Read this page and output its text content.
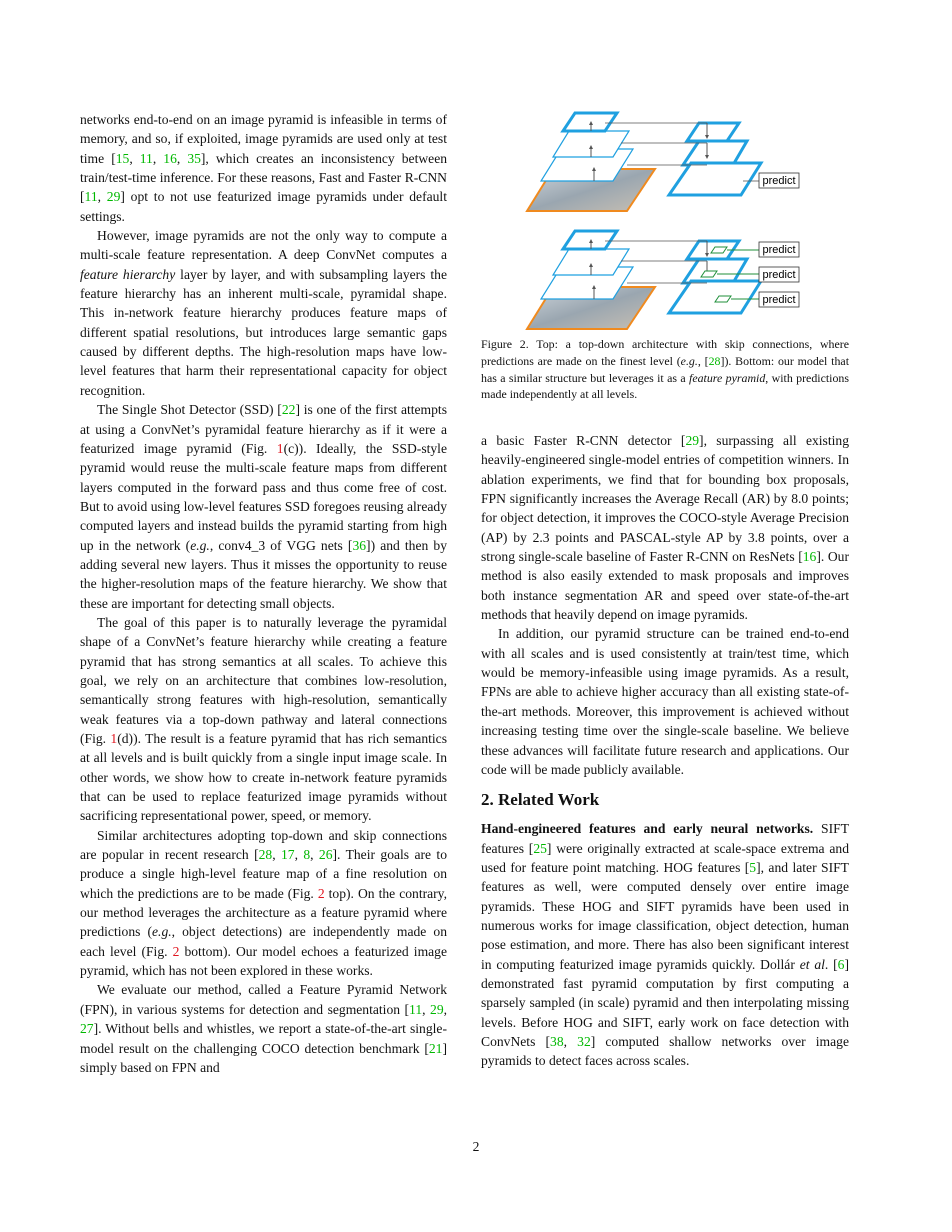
networks end-to-end on an image pyramid is infeasible in terms of memory, and so, if exploited, image pyramids are used only at test time [15, 11, 16, 35], which creates an inconsistency between train/test-time inference. For these reasons, Fast and Faster R-CNN [11, 29] opt to not use featurized image pyramids under default settings.

However, image pyramids are not the only way to compute a multi-scale feature representation. A deep ConvNet computes a feature hierarchy layer by layer, and with subsampling layers the feature hierarchy has an inherent multi-scale, pyramidal shape. This in-network feature hierarchy produces feature maps of different spatial resolutions, but introduces large semantic gaps caused by different depths. The high-resolution maps have low-level features that harm their representational capacity for object recognition.

The Single Shot Detector (SSD) [22] is one of the first attempts at using a ConvNet’s pyramidal feature hierarchy as if it were a featurized image pyramid (Fig. 1(c)). Ideally, the SSD-style pyramid would reuse the multi-scale feature maps from different layers computed in the forward pass and thus come free of cost. But to avoid using low-level features SSD foregoes reusing already computed layers and instead builds the pyramid starting from high up in the network (e.g., conv4_3 of VGG nets [36]) and then by adding several new layers. Thus it misses the opportunity to reuse the higher-resolution maps of the feature hierarchy. We show that these are important for detecting small objects.

The goal of this paper is to naturally leverage the pyramidal shape of a ConvNet’s feature hierarchy while creating a feature pyramid that has strong semantics at all scales. To achieve this goal, we rely on an architecture that combines low-resolution, semantically strong features with high-resolution, semantically weak features via a top-down pathway and lateral connections (Fig. 1(d)). The result is a feature pyramid that has rich semantics at all levels and is built quickly from a single input image scale. In other words, we show how to create in-network feature pyramids that can be used to replace featurized image pyramids without sacrificing representational power, speed, or memory.

Similar architectures adopting top-down and skip connections are popular in recent research [28, 17, 8, 26]. Their goals are to produce a single high-level feature map of a fine resolution on which the predictions are to be made (Fig. 2 top). On the contrary, our method leverages the architecture as a feature pyramid where predictions (e.g., object detections) are independently made on each level (Fig. 2 bottom). Our model echoes a featurized image pyramid, which has not been explored in these works.

We evaluate our method, called a Feature Pyramid Network (FPN), in various systems for detection and segmentation [11, 29, 27]. Without bells and whistles, we report a state-of-the-art single-model result on the challenging COCO detection benchmark [21] simply based on FPN and

predict
predict
predict
predict
Figure 2. Top: a top-down architecture with skip connections, where predictions are made on the finest level (e.g., [28]). Bottom: our model that has a similar structure but leverages it as a feature pyramid, with predictions made independently at all levels.

a basic Faster R-CNN detector [29], surpassing all existing heavily-engineered single-model entries of competition winners. In ablation experiments, we find that for bounding box proposals, FPN significantly increases the Average Recall (AR) by 8.0 points; for object detection, it improves the COCO-style Average Precision (AP) by 2.3 points and PASCAL-style AP by 3.8 points, over a strong single-scale baseline of Faster R-CNN on ResNets [16]. Our method is also easily extended to mask proposals and improves both instance segmentation AR and speed over state-of-the-art methods that heavily depend on image pyramids.

In addition, our pyramid structure can be trained end-to-end with all scales and is used consistently at train/test time, which would be memory-infeasible using image pyramids. As a result, FPNs are able to achieve higher accuracy than all existing state-of-the-art methods. Moreover, this improvement is achieved without increasing testing time over the single-scale baseline. We believe these advances will facilitate future research and applications. Our code will be made publicly available.

2. Related Work

Hand-engineered features and early neural networks. SIFT features [25] were originally extracted at scale-space extrema and used for feature point matching. HOG features [5], and later SIFT features as well, were computed densely over entire image pyramids. These HOG and SIFT pyramids have been used in numerous works for image classification, object detection, human pose estimation, and more. There has also been significant interest in computing featurized image pyramids quickly. Dollár et al. [6] demonstrated fast pyramid computation by first computing a sparsely sampled (in scale) pyramid and then interpolating missing levels. Before HOG and SIFT, early work on face detection with ConvNets [38, 32] computed shallow networks over image pyramids to detect faces across scales.

2
